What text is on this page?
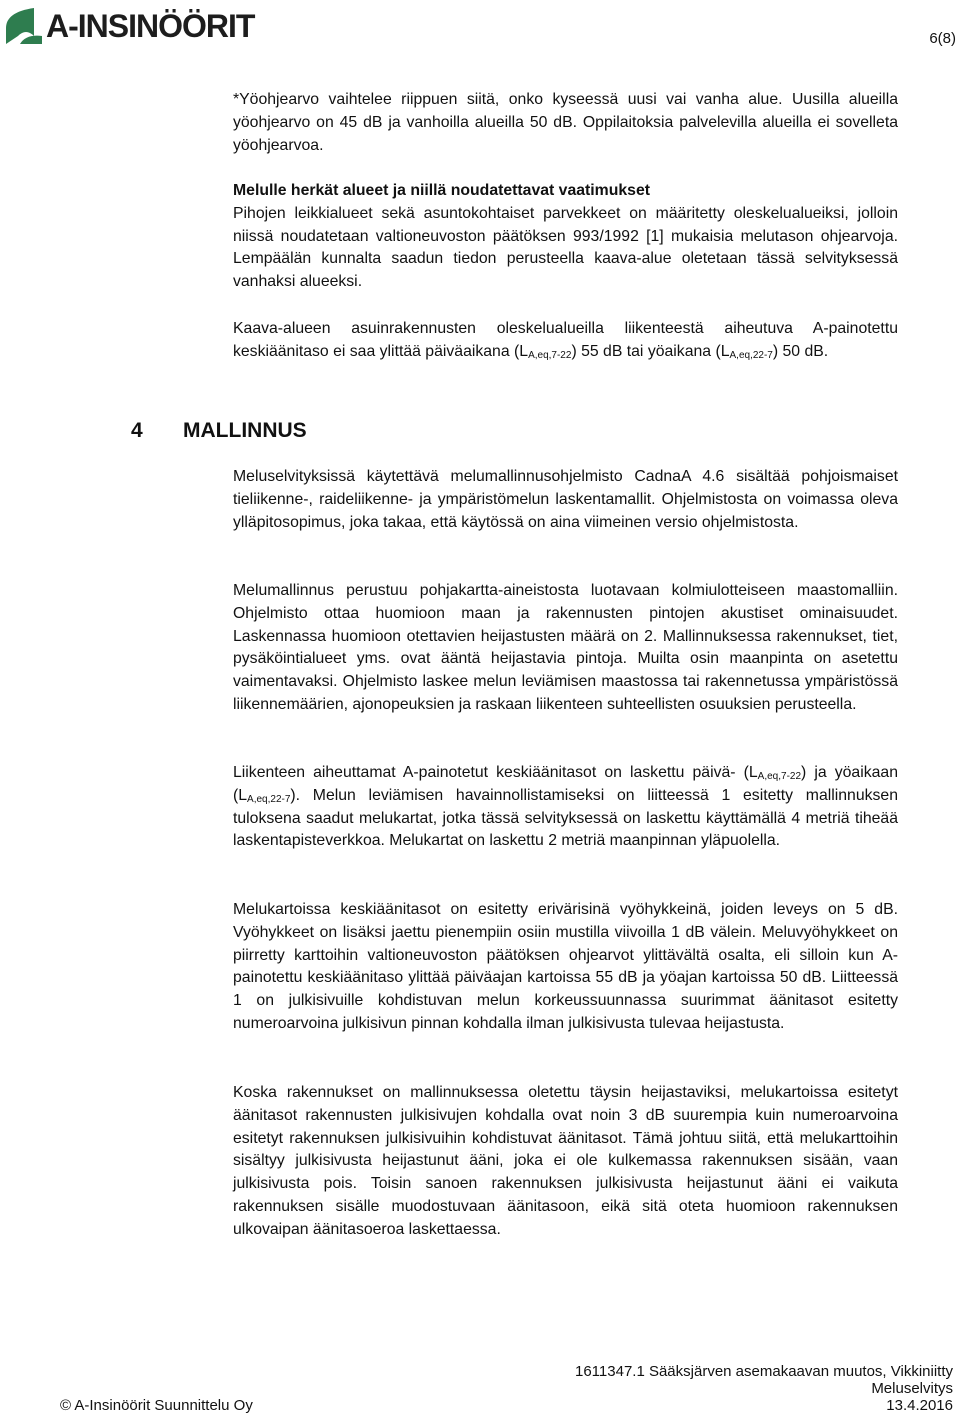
A-INSINÖÖRIT	6(8)

*Yöohjearvo vaihtelee riippuen siitä, onko kyseessä uusi vai vanha alue. Uusilla alueilla yöohjearvo on 45 dB ja vanhoilla alueilla 50 dB. Oppilaitoksia palvelevilla alueilla ei sovelleta yöohjearvoa.

Melulle herkät alueet ja niillä noudatettavat vaatimukset

Pihojen leikkialueet sekä asuntokohtaiset parvekkeet on määritetty oleskelualueiksi, jolloin niissä noudatetaan valtioneuvoston päätöksen 993/1992 [1] mukaisia melutason ohjearvoja. Lempäälän kunnalta saadun tiedon perusteella kaava-alue oletetaan tässä selvityksessä vanhaksi alueeksi.

Kaava-alueen asuinrakennusten oleskelualueilla liikenteestä aiheutuva A-painotettu keskiäänitaso ei saa ylittää päiväaikana $(L_{A,eq,7-22})$ 55 dB tai yöaikana $(L_{A,eq,22-7})$ 50 dB.

4 MALLINNUS

Meluselvityksissä käytettävä melumallinnusohjelmisto CadnaA 4.6 sisältää pohjoismaiset tieliikenne-, raideliikenne- ja ympäristömelun laskentamallit. Ohjelmistosta on voimassa oleva ylläpitosopimus, joka takaa, että käytössä on aina viimeinen versio ohjelmistosta.

Melumallinnus perustuu pohjakartta-aineistosta luotavaan kolmiulotteiseen maastomalliin. Ohjelmisto ottaa huomioon maan ja rakennusten pintojen akustiset ominaisuudet. Laskennassa huomioon otettavien heijastusten määrä on 2. Mallinnuksessa rakennukset, tiet, pysäköintialueet yms. ovat ääntä heijastavia pintoja. Muilta osin maanpinta on asetettu vaimentavaksi. Ohjelmisto laskee melun leviämisen maastossa tai rakennetussa ympäristössä liikennemäärien, ajonopeuksien ja raskaan liikenteen suhteellisten osuuksien perusteella.

Liikenteen aiheuttamat A-painotetut keskiäänitasot on laskettu päivä- $(L_{A,eq,7-22})$ ja yöaikaan $(L_{A,eq,22-7})$. Melun leviämisen havainnollistamiseksi on liitteessä 1 esitetty mallinnuksen tuloksena saadut melukartat, jotka tässä selvityksessä on laskettu käyttämällä 4 metriä tiheää laskentapisteverkkoa. Melukartat on laskettu 2 metriä maanpinnan yläpuolella.

Melukartoissa keskiäänitasot on esitetty erivärisinä vyöhykkeinä, joiden leveys on 5 dB. Vyöhykkeet on lisäksi jaettu pienempiin osiin mustilla viivoilla 1 dB välein. Meluvyöhykkeet on piirretty karttoihin valtioneuvoston päätöksen ohjearvot ylittävältä osalta, eli silloin kun A-painotettu keskiäänitaso ylittää päiväajan kartoissa 55 dB ja yöajan kartoissa 50 dB. Liitteessä 1 on julkisivuille kohdistuvan melun korkeussuunnassa suurimmat äänitasot esitetty numeroarvoina julkisivun pinnan kohdalla ilman julkisivusta tulevaa heijastusta.

Koska rakennukset on mallinnuksessa oletettu täysin heijastaviksi, melukartoissa esitetyt äänitasot rakennusten julkisivujen kohdalla ovat noin 3 dB suurempia kuin numeroarvoina esitetyt rakennuksen julkisivuihin kohdistuvat äänitasot. Tämä johtuu siitä, että melukarttoihin sisältyy julkisivusta heijastunut ääni, joka ei ole kulkemassa rakennuksen sisään, vaan julkisivusta pois. Toisin sanoen rakennuksen julkisivusta heijastunut ääni ei vaikuta rakennuksen sisälle muodostuvaan äänitasoon, eikä sitä oteta huomioon rakennuksen ulkovaipan äänitasoeroa laskettaessa.

© A-Insinöörit Suunnittelu Oy
1611347.1 Sääksjärven asemakaavan muutos, Vikkiniitty
Meluselvitys
13.4.2016
